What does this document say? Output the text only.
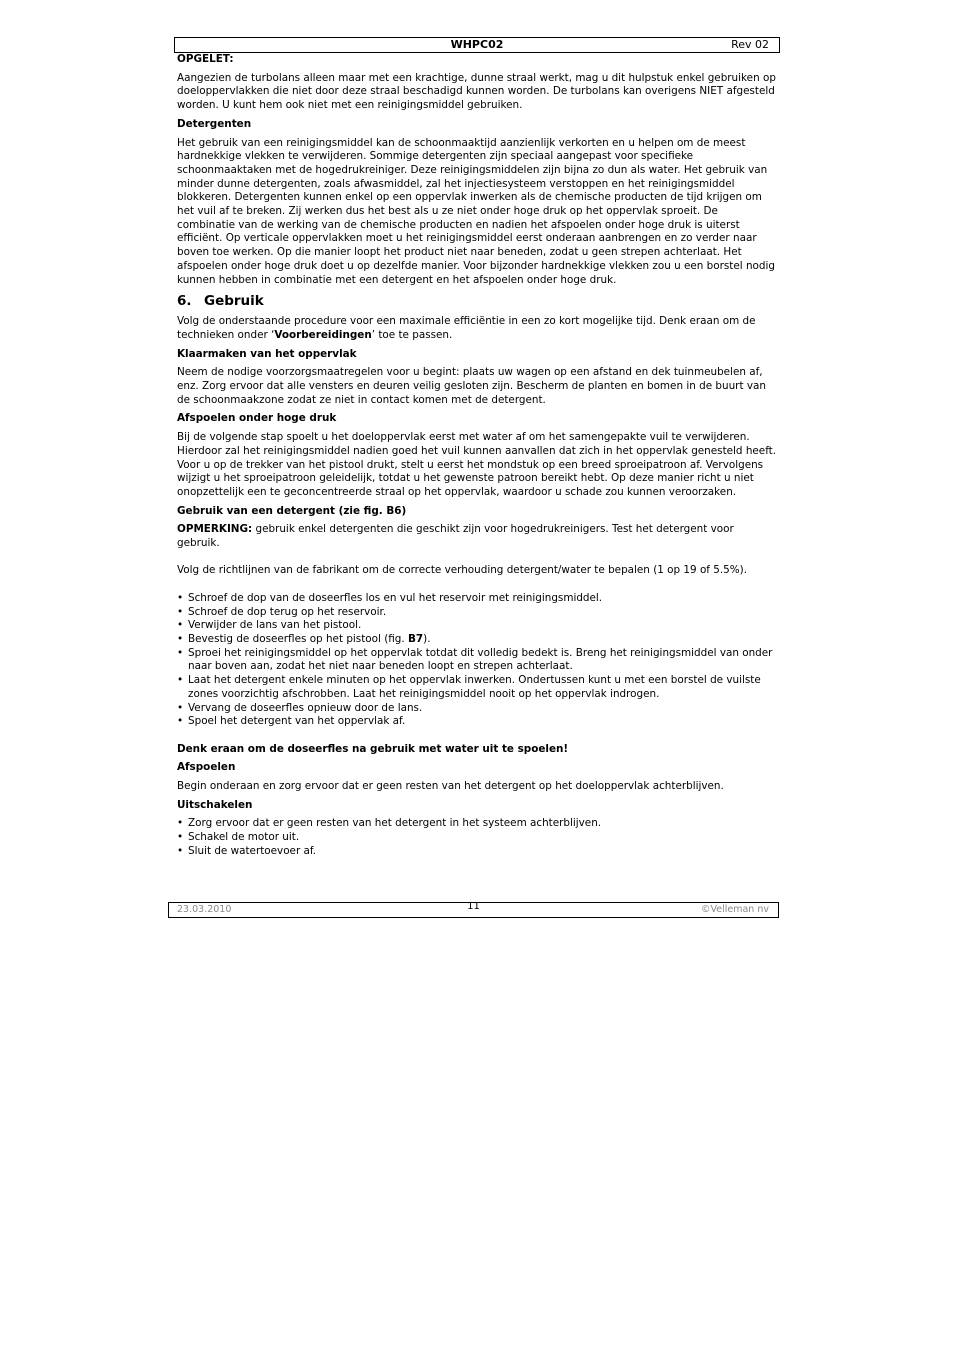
WHPC02	Rev 02

OPGELET:

Aangezien de turbolans alleen maar met een krachtige, dunne straal werkt, mag u dit hulpstuk enkel gebruiken op doeloppervlakken die niet door deze straal beschadigd kunnen worden. De turbolans kan overigens NIET afgesteld worden. U kunt hem ook niet met een reinigingsmiddel gebruiken.

Detergenten

Het gebruik van een reinigingsmiddel kan de schoonmaaktijd aanzienlijk verkorten en u helpen om de meest hardnekkige vlekken te verwijderen. Sommige detergenten zijn speciaal aangepast voor specifieke schoonmaaktaken met de hogedrukreiniger. Deze reinigingsmiddelen zijn bijna zo dun als water. Het gebruik van minder dunne detergenten, zoals afwasmiddel, zal het injectiesysteem verstoppen en het reinigingsmiddel blokkeren. Detergenten kunnen enkel op een oppervlak inwerken als de chemische producten de tijd krijgen om het vuil af te breken. Zij werken dus het best als u ze niet onder hoge druk op het oppervlak sproeit. De combinatie van de werking van de chemische producten en nadien het afspoelen onder hoge druk is uiterst efficiënt. Op verticale oppervlakken moet u het reinigingsmiddel eerst onderaan aanbrengen en zo verder naar boven toe werken. Op die manier loopt het product niet naar beneden, zodat u geen strepen achterlaat. Het afspoelen onder hoge druk doet u op dezelfde manier. Voor bijzonder hardnekkige vlekken zou u een borstel nodig kunnen hebben in combinatie met een detergent en het afspoelen onder hoge druk.

6. Gebruik

Volg de onderstaande procedure voor een maximale efficiëntie in een zo kort mogelijke tijd. Denk eraan om de technieken onder ‘Voorbereidingen’ toe te passen.

Klaarmaken van het oppervlak

Neem de nodige voorzorgsmaatregelen voor u begint: plaats uw wagen op een afstand en dek tuinmeubelen af, enz. Zorg ervoor dat alle vensters en deuren veilig gesloten zijn. Bescherm de planten en bomen in de buurt van de schoonmaakzone zodat ze niet in contact komen met de detergent.

Afspoelen onder hoge druk

Bij de volgende stap spoelt u het doeloppervlak eerst met water af om het samengepakte vuil te verwijderen. Hierdoor zal het reinigingsmiddel nadien goed het vuil kunnen aanvallen dat zich in het oppervlak genesteld heeft. Voor u op de trekker van het pistool drukt, stelt u eerst het mondstuk op een breed sproeipatroon af. Vervolgens wijzigt u het sproeipatroon geleidelijk, totdat u het gewenste patroon bereikt hebt. Op deze manier richt u niet onopzettelijk een te geconcentreerde straal op het oppervlak, waardoor u schade zou kunnen veroorzaken.

Gebruik van een detergent (zie fig. B6)

OPMERKING: gebruik enkel detergenten die geschikt zijn voor hogedrukreinigers. Test het detergent voor gebruik.

Volg de richtlijnen van de fabrikant om de correcte verhouding detergent/water te bepalen (1 op 19 of 5.5%).

• Schroef de dop van de doseerfles los en vul het reservoir met reinigingsmiddel.
• Schroef de dop terug op het reservoir.
• Verwijder de lans van het pistool.
• Bevestig de doseerfles op het pistool (fig. B7).
• Sproei het reinigingsmiddel op het oppervlak totdat dit volledig bedekt is. Breng het reinigingsmiddel van onder naar boven aan, zodat het niet naar beneden loopt en strepen achterlaat.
• Laat het detergent enkele minuten op het oppervlak inwerken. Ondertussen kunt u met een borstel de vuilste zones voorzichtig afschrobben. Laat het reinigingsmiddel nooit op het oppervlak indrogen.
• Vervang de doseerfles opnieuw door de lans.
• Spoel het detergent van het oppervlak af.

Denk eraan om de doseerfles na gebruik met water uit te spoelen!

Afspoelen

Begin onderaan en zorg ervoor dat er geen resten van het detergent op het doeloppervlak achterblijven.

Uitschakelen

• Zorg ervoor dat er geen resten van het detergent in het systeem achterblijven.
• Schakel de motor uit.
• Sluit de watertoevoer af.
23.03.2010	11	©Velleman nv
